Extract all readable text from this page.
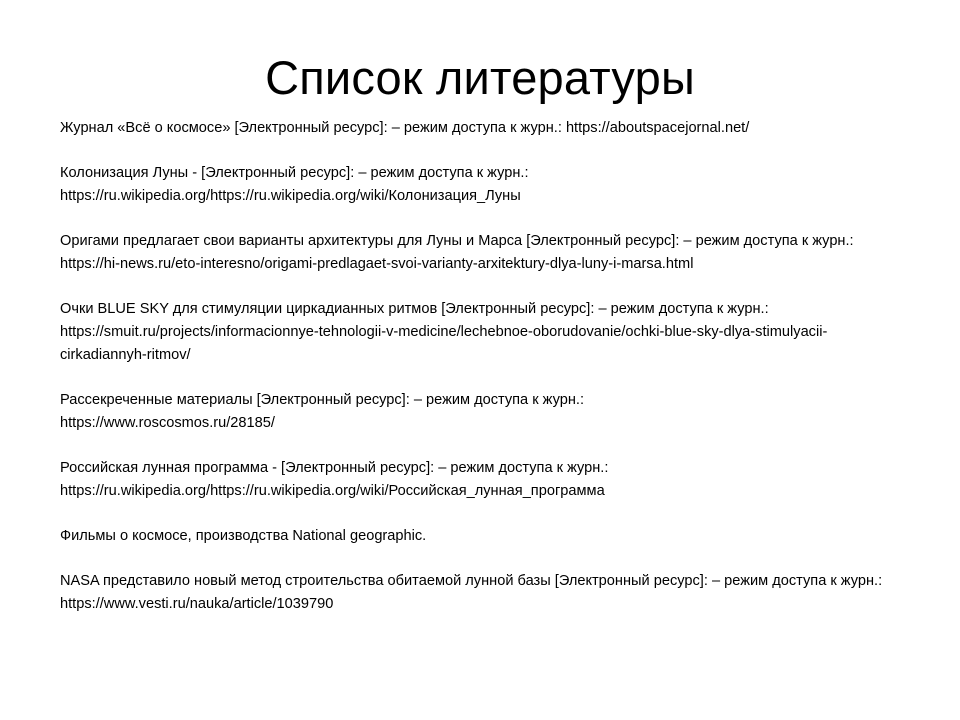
Список литературы
Журнал «Всё о космосе» [Электронный ресурс]: – режим доступа к журн.: https://aboutspacejornal.net/
Колонизация Луны - [Электронный ресурс]: – режим доступа к журн.:
https://ru.wikipedia.org/https://ru.wikipedia.org/wiki/Колонизация_Луны
Оригами предлагает свои варианты архитектуры для Луны и Марса [Электронный ресурс]: – режим доступа к журн.: https://hi-news.ru/eto-interesno/origami-predlagaet-svoi-varianty-arxitektury-dlya-luny-i-marsa.html
Очки BLUE SKY для стимуляции циркадианных ритмов [Электронный ресурс]: – режим доступа к журн.: https://smuit.ru/projects/informacionnye-tehnologii-v-medicine/lechebnoe-oborudovanie/ochki-blue-sky-dlya-stimulyacii-cirkadiannyh-ritmov/
Рассекреченные материалы [Электронный ресурс]: – режим доступа к журн.:
https://www.roscosmos.ru/28185/
Российская лунная программа - [Электронный ресурс]: – режим доступа к журн.:
https://ru.wikipedia.org/https://ru.wikipedia.org/wiki/Российская_лунная_программа
Фильмы о космосе, производства National geographic.
NASA представило новый метод строительства обитаемой лунной базы [Электронный ресурс]: – режим доступа к журн.: https://www.vesti.ru/nauka/article/1039790
